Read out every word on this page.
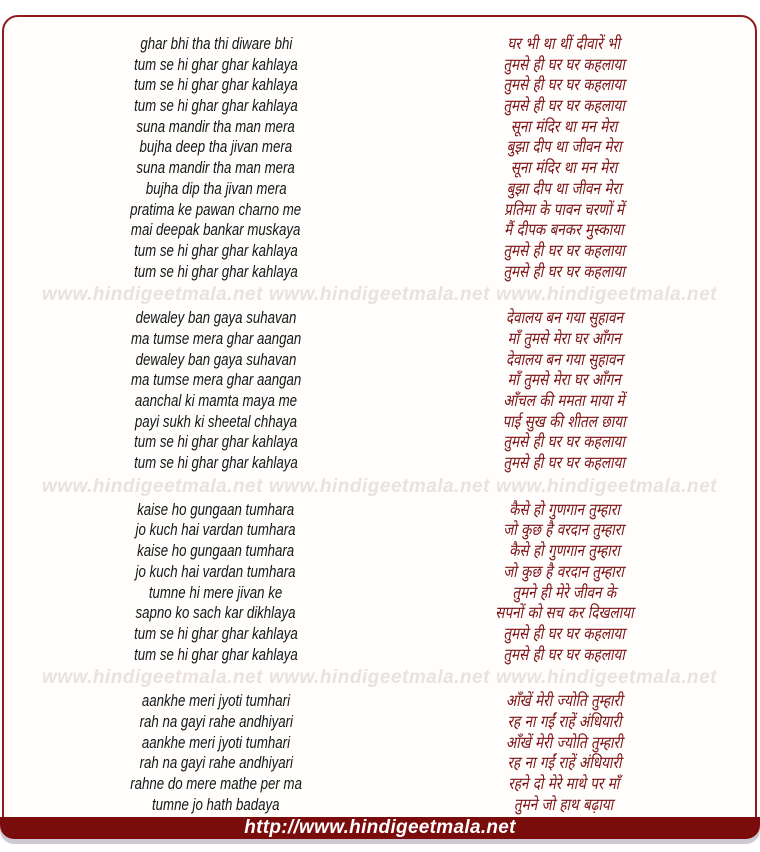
ghar bhi tha thi diware bhi	घर भी था थीं दीवारें भी
tum se hi ghar ghar kahlaya	तुमसे ही घर घर कहलाया
tum se hi ghar ghar kahlaya	तुमसे ही घर घर कहलाया
tum se hi ghar ghar kahlaya	तुमसे ही घर घर कहलाया
suna mandir tha man mera	सूना मंदिर था मन मेरा
bujha deep tha jivan mera	बुझा दीप था जीवन मेरा
suna mandir tha man mera	सूना मंदिर था मन मेरा
bujha dip tha jivan mera	बुझा दीप था जीवन मेरा
pratima ke pawan charno me	प्रतिमा के पावन चरणों में
mai deepak bankar muskaya	मैं दीपक बनकर मुस्काया
tum se hi ghar ghar kahlaya	तुमसे ही घर घर कहलाया
tum se hi ghar ghar kahlaya	तुमसे ही घर घर कहलाया
www.hindigeetmala.net www.hindigeetmala.net www.hindigeetmala.net
dewaley ban gaya suhavan	देवालय बन गया सुहावन
ma tumse mera ghar aangan	माँ तुमसे मेरा घर आँगन
dewaley ban gaya suhavan	देवालय बन गया सुहावन
ma tumse mera ghar aangan	माँ तुमसे मेरा घर आँगन
aanchal ki mamta maya me	आँचल की ममता माया में
payi sukh ki sheetal chhaya	पाई सुख की शीतल छाया
tum se hi ghar ghar kahlaya	तुमसे ही घर घर कहलाया
tum se hi ghar ghar kahlaya	तुमसे ही घर घर कहलाया
www.hindigeetmala.net www.hindigeetmala.net www.hindigeetmala.net
kaise ho gungaan tumhara	कैसे हो गुणगान तुम्हारा
jo kuch hai vardan tumhara	जो कुछ है वरदान तुम्हारा
kaise ho gungaan tumhara	कैसे हो गुणगान तुम्हारा
jo kuch hai vardan tumhara	जो कुछ है वरदान तुम्हारा
tumne hi mere jivan ke	तुमने ही मेरे जीवन के
sapno ko sach kar dikhlaya	सपनों को सच कर दिखलाया
tum se hi ghar ghar kahlaya	तुमसे ही घर घर कहलाया
tum se hi ghar ghar kahlaya	तुमसे ही घर घर कहलाया
www.hindigeetmala.net www.hindigeetmala.net www.hindigeetmala.net
aankhe meri jyoti tumhari	आँखें मेरी ज्योति तुम्हारी
rah na gayi rahe andhiyari	रह ना गईं राहें अंधियारी
aankhe meri jyoti tumhari	आँखें मेरी ज्योति तुम्हारी
rah na gayi rahe andhiyari	रह ना गईं राहें अंधियारी
rahne do mere mathe per ma	रहने दो मेरे माथे पर माँ
tumne jo hath badaya	तुमने जो हाथ बढ़ाया
http://www.hindigeetmala.net
